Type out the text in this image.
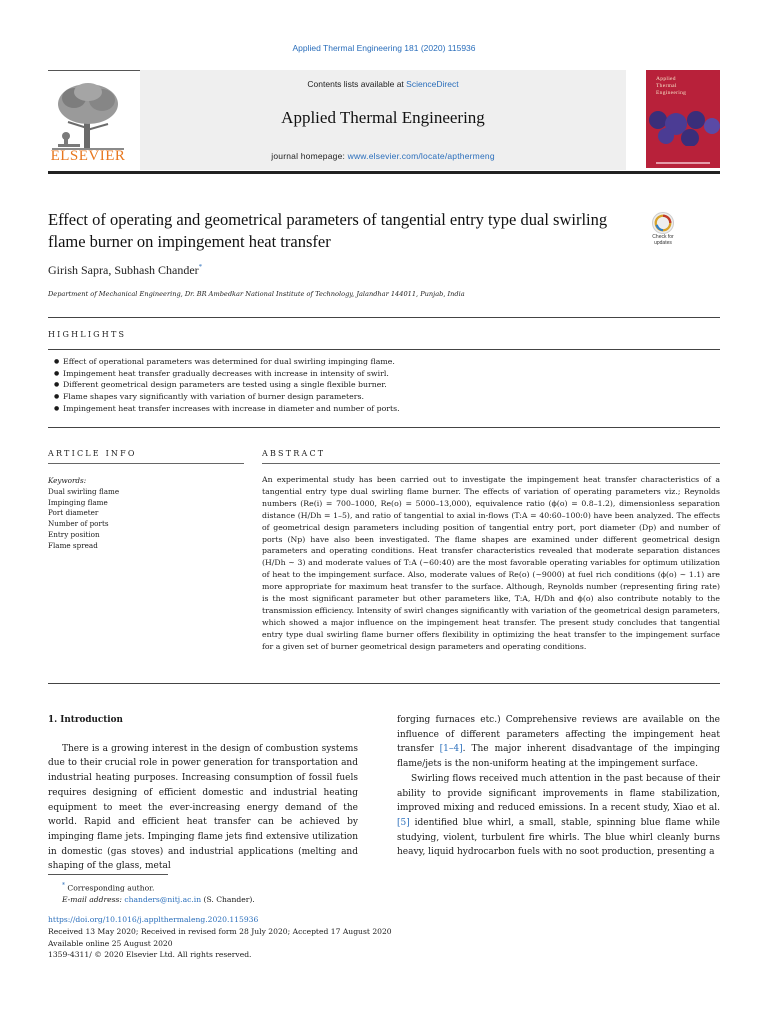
Applied Thermal Engineering 181 (2020) 115936
ELSEVIER
Contents lists available at ScienceDirect
Applied Thermal Engineering
journal homepage: www.elsevier.com/locate/apthermeng
Applied
Thermal
Engineering
Effect of operating and geometrical parameters of tangential entry type dual swirling flame burner on impingement heat transfer	Check for updates
Girish Sapra, Subhash Chander*
Department of Mechanical Engineering, Dr. BR Ambedkar National Institute of Technology, Jalandhar 144011, Punjab, India
HIGHLIGHTS
● Effect of operational parameters was determined for dual swirling impinging flame.
● Impingement heat transfer gradually decreases with increase in intensity of swirl.
● Different geometrical design parameters are tested using a single flexible burner.
● Flame shapes vary significantly with variation of burner design parameters.
● Impingement heat transfer increases with increase in diameter and number of ports.
ARTICLE INFO	ABSTRACT
Keywords:
Dual swirling flame
Impinging flame
Port diameter
Number of ports
Entry position
Flame spread
An experimental study has been carried out to investigate the impingement heat transfer characteristics of a tangential entry type dual swirling flame burner. The effects of variation of operating parameters viz.; Reynolds numbers (Re(i) = 700–1000, Re(o) = 5000–13,000), equivalence ratio (ϕ(o) = 0.8–1.2), dimensionless separation distance (H/Dh = 1–5), and ratio of tangential to axial in-flows (T:A = 40:60–100:0) have been analyzed. The effects of geometrical design parameters including position of tangential entry port, port diameter (Dp) and number of ports (Np) have also been investigated. The flame shapes are examined under different geometrical design parameters and operating conditions. Heat transfer characteristics revealed that moderate separation distances (H/Dh ~ 3) and moderate values of T:A (~60:40) are the most favorable operating variables for optimum utilization of heat to the impingement surface. Also, moderate values of Re(o) (~9000) at fuel rich conditions (ϕ(o) ~ 1.1) are more appropriate for maximum heat transfer to the surface. Although, Reynolds number (representing firing rate) is the most significant parameter but other parameters like, T:A, H/Dh and ϕ(o) also contribute notably to the transmission efficiency. Intensity of swirl changes significantly with variation of the geometrical design parameters, which showed a major influence on the impingement heat transfer. The present study concludes that tangential entry type dual swirling flame burner offers flexibility in optimizing the heat transfer to the impingement surface for a given set of burner geometrical design parameters and operating conditions.
1. Introduction
There is a growing interest in the design of combustion systems due to their crucial role in power generation for transportation and industrial heating purposes. Increasing consumption of fossil fuels requires designing of efficient domestic and industrial heating equipment to meet the ever-increasing energy demand of the world. Rapid and efficient heat transfer can be achieved by impinging flame jets. Impinging flame jets find extensive utilization in domestic (gas stoves) and industrial applications (melting and shaping of the glass, metal
forging furnaces etc.) Comprehensive reviews are available on the influence of different parameters affecting the impingement heat transfer [1–4]. The major inherent disadvantage of the impinging flame/jets is the non-uniform heating at the impingement surface.
Swirling flows received much attention in the past because of their ability to provide significant improvements in flame stabilization, improved mixing and reduced emissions. In a recent study, Xiao et al. [5] identified blue whirl, a small, stable, spinning blue flame while studying, violent, turbulent fire whirls. The blue whirl cleanly burns heavy, liquid hydrocarbon fuels with no soot production, presenting a
* Corresponding author.
E-mail address: chanders@nitj.ac.in (S. Chander).
https://doi.org/10.1016/j.applthermaleng.2020.115936
Received 13 May 2020; Received in revised form 28 July 2020; Accepted 17 August 2020
Available online 25 August 2020
1359-4311/ © 2020 Elsevier Ltd. All rights reserved.
